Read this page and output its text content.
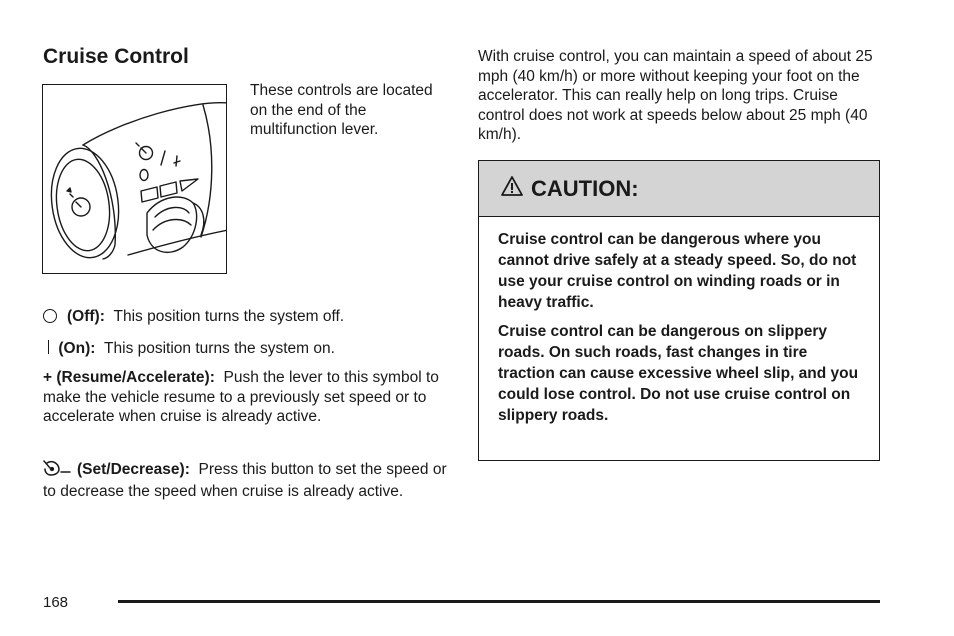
Cruise Control
These controls are located on the end of the multifunction lever.
With cruise control, you can maintain a speed of about 25 mph (40 km/h) or more without keeping your foot on the accelerator. This can really help on long trips. Cruise control does not work at speeds below about 25 mph (40 km/h).
(Off): This position turns the system off.
(On): This position turns the system on.
+ (Resume/Accelerate): Push the lever to this symbol to make the vehicle resume to a previously set speed or to accelerate when cruise is already active.
(Set/Decrease): Press this button to set the speed or to decrease the speed when cruise is already active.
CAUTION:

Cruise control can be dangerous where you cannot drive safely at a steady speed. So, do not use your cruise control on winding roads or in heavy traffic.

Cruise control can be dangerous on slippery roads. On such roads, fast changes in tire traction can cause excessive wheel slip, and you could lose control. Do not use cruise control on slippery roads.

168
